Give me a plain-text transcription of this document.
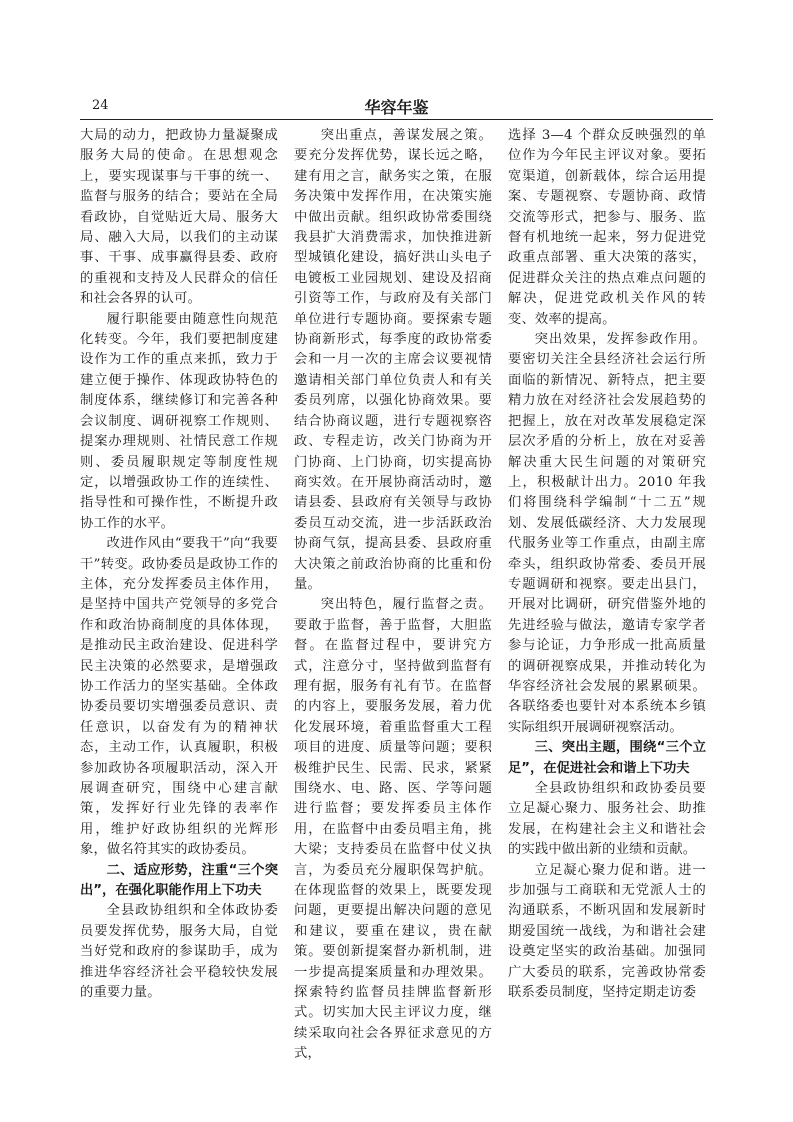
24	华容年鉴

大局的动力，把政协力量凝聚成服务大局的使命。在思想观念上，要实现谋事与干事的统一、监督与服务的结合；要站在全局看政协，自觉贴近大局、服务大局、融入大局，以我们的主动谋事、干事、成事赢得县委、政府的重视和支持及人民群众的信任和社会各界的认可。

履行职能要由随意性向规范化转变。今年，我们要把制度建设作为工作的重点来抓，致力于建立便于操作、体现政协特色的制度体系，继续修订和完善各种会议制度、调研视察工作规则、提案办理规则、社情民意工作规则、委员履职规定等制度性规定，以增强政协工作的连续性、指导性和可操作性，不断提升政协工作的水平。

改进作风由“要我干”向“我要干”转变。政协委员是政协工作的主体，充分发挥委员主体作用，是坚持中国共产党领导的多党合作和政治协商制度的具体体现，是推动民主政治建设、促进科学民主决策的必然要求，是增强政协工作活力的坚实基础。全体政协委员要切实增强委员意识、责任意识，以奋发有为的精神状态，主动工作，认真履职，积极参加政协各项履职活动，深入开展调查研究，围绕中心建言献策，发挥好行业先锋的表率作用，维护好政协组织的光辉形象，做名符其实的政协委员。

二、适应形势，注重“三个突出”，在强化职能作用上下功夫

全县政协组织和全体政协委员要发挥优势，服务大局，自觉当好党和政府的参谋助手，成为推进华容经济社会平稳较快发展的重要力量。

突出重点，善谋发展之策。要充分发挥优势，谋长远之略，建有用之言，献务实之策，在服务决策中发挥作用，在决策实施中做出贡献。组织政协常委围绕我县扩大消费需求，加快推进新型城镇化建设，搞好洪山头电子电镀板工业园规划、建设及招商引资等工作，与政府及有关部门单位进行专题协商。要探索专题协商新形式，每季度的政协常委会和一月一次的主席会议要视情邀请相关部门单位负责人和有关委员列席，以强化协商效果。要结合协商议题，进行专题视察咨政、专程走访，改关门协商为开门协商、上门协商，切实提高协商实效。在开展协商活动时，邀请县委、县政府有关领导与政协委员互动交流，进一步活跃政治协商气氛，提高县委、县政府重大决策之前政治协商的比重和份量。

突出特色，履行监督之责。要敢于监督，善于监督，大胆监督。在监督过程中，要讲究方式，注意分寸，坚持做到监督有理有据，服务有礼有节。在监督的内容上，要服务发展，着力优化发展环境，着重监督重大工程项目的进度、质量等问题；要积极维护民生、民需、民求，紧紧围绕水、电、路、医、学等问题进行监督；要发挥委员主体作用，在监督中由委员唱主角，挑大梁；支持委员在监督中仗义执言，为委员充分履职保驾护航。在体现监督的效果上，既要发现问题，更要提出解决问题的意见和建议，要重在建议，贵在献策。要创新提案督办新机制，进一步提高提案质量和办理效果。探索特约监督员挂牌监督新形式。切实加大民主评议力度，继续采取向社会各界征求意见的方式，

选择 3—4 个群众反映强烈的单位作为今年民主评议对象。要拓宽渠道，创新载体，综合运用提案、专题视察、专题协商、政情交流等形式，把参与、服务、监督有机地统一起来，努力促进党政重点部署、重大决策的落实，促进群众关注的热点难点问题的解决，促进党政机关作风的转变、效率的提高。

突出效果，发挥参政作用。要密切关注全县经济社会运行所面临的新情况、新特点，把主要精力放在对经济社会发展趋势的把握上，放在对改革发展稳定深层次矛盾的分析上，放在对妥善解决重大民生问题的对策研究上，积极献计出力。2010 年我们将围绕科学编制“十二五”规划、发展低碳经济、大力发展现代服务业等工作重点，由副主席牵头，组织政协常委、委员开展专题调研和视察。要走出县门，开展对比调研，研究借鉴外地的先进经验与做法，邀请专家学者参与论证，力争形成一批高质量的调研视察成果，并推动转化为华容经济社会发展的累累硕果。各联络委也要针对本系统本乡镇实际组织开展调研视察活动。

三、突出主题，围绕“三个立足”，在促进社会和谐上下功夫

全县政协组织和政协委员要立足凝心聚力、服务社会、助推发展，在构建社会主义和谐社会的实践中做出新的业绩和贡献。

立足凝心聚力促和谐。进一步加强与工商联和无党派人士的沟通联系，不断巩固和发展新时期爱国统一战线，为和谐社会建设奠定坚实的政治基础。加强同广大委员的联系，完善政协常委联系委员制度，坚持定期走访委
